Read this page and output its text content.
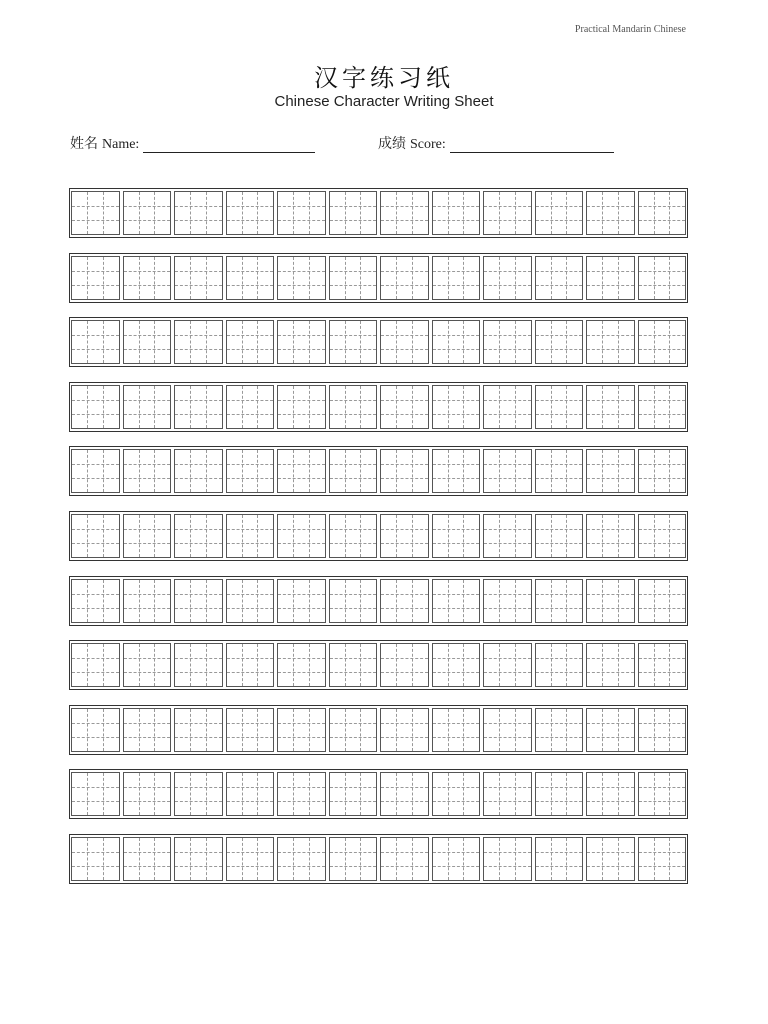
Practical Mandarin Chinese
汉字练习纸
Chinese Character Writing Sheet
姓名 Name:	成绩 Score:
